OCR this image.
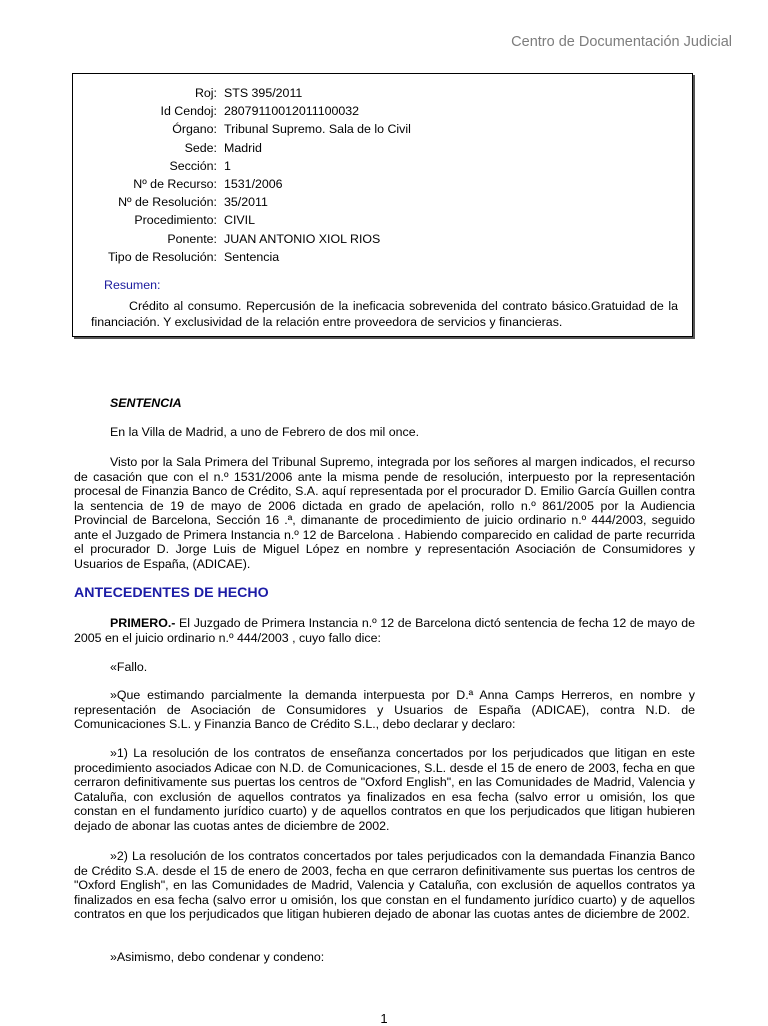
Centro de Documentación Judicial
Roj: STS 395/2011
Id Cendoj: 28079110012011100032
Órgano: Tribunal Supremo. Sala de lo Civil
Sede: Madrid
Sección: 1
Nº de Recurso: 1531/2006
Nº de Resolución: 35/2011
Procedimiento: CIVIL
Ponente: JUAN ANTONIO XIOL RIOS
Tipo de Resolución: Sentencia
Resumen:
Crédito al consumo. Repercusión de la ineficacia sobrevenida del contrato básico.Gratuidad de la financiación. Y exclusividad de la relación entre proveedora de servicios y financieras.
SENTENCIA
En la Villa de Madrid, a uno de Febrero de dos mil once.
Visto por la Sala Primera del Tribunal Supremo, integrada por los señores al margen indicados, el recurso de casación que con el n.º 1531/2006 ante la misma pende de resolución, interpuesto por la representación procesal de Finanzia Banco de Crédito, S.A. aquí representada por el procurador D. Emilio García Guillen contra la sentencia de 19 de mayo de 2006 dictada en grado de apelación, rollo n.º 861/2005 por la Audiencia Provincial de Barcelona, Sección 16 .ª, dimanante de procedimiento de juicio ordinario n.º 444/2003, seguido ante el Juzgado de Primera Instancia n.º 12 de Barcelona . Habiendo comparecido en calidad de parte recurrida el procurador D. Jorge Luis de Miguel López en nombre y representación Asociación de Consumidores y Usuarios de España, (ADICAE).
ANTECEDENTES DE HECHO
PRIMERO.- El Juzgado de Primera Instancia n.º 12 de Barcelona dictó sentencia de fecha 12 de mayo de 2005 en el juicio ordinario n.º 444/2003 , cuyo fallo dice:
«Fallo.
»Que estimando parcialmente la demanda interpuesta por D.ª Anna Camps Herreros, en nombre y representación de Asociación de Consumidores y Usuarios de España (ADICAE), contra N.D. de Comunicaciones S.L. y Finanzia Banco de Crédito S.L., debo declarar y declaro:
»1) La resolución de los contratos de enseñanza concertados por los perjudicados que litigan en este procedimiento asociados Adicae con N.D. de Comunicaciones, S.L. desde el 15 de enero de 2003, fecha en que cerraron definitivamente sus puertas los centros de "Oxford English", en las Comunidades de Madrid, Valencia y Cataluña, con exclusión de aquellos contratos ya finalizados en esa fecha (salvo error u omisión, los que constan en el fundamento jurídico cuarto) y de aquellos contratos en que los perjudicados que litigan hubieren dejado de abonar las cuotas antes de diciembre de 2002.
»2) La resolución de los contratos concertados por tales perjudicados con la demandada Finanzia Banco de Crédito S.A. desde el 15 de enero de 2003, fecha en que cerraron definitivamente sus puertas los centros de "Oxford English", en las Comunidades de Madrid, Valencia y Cataluña, con exclusión de aquellos contratos ya finalizados en esa fecha (salvo error u omisión, los que constan en el fundamento jurídico cuarto) y de aquellos contratos en que los perjudicados que litigan hubieren dejado de abonar las cuotas antes de diciembre de 2002.
»Asimismo, debo condenar y condeno:
1
